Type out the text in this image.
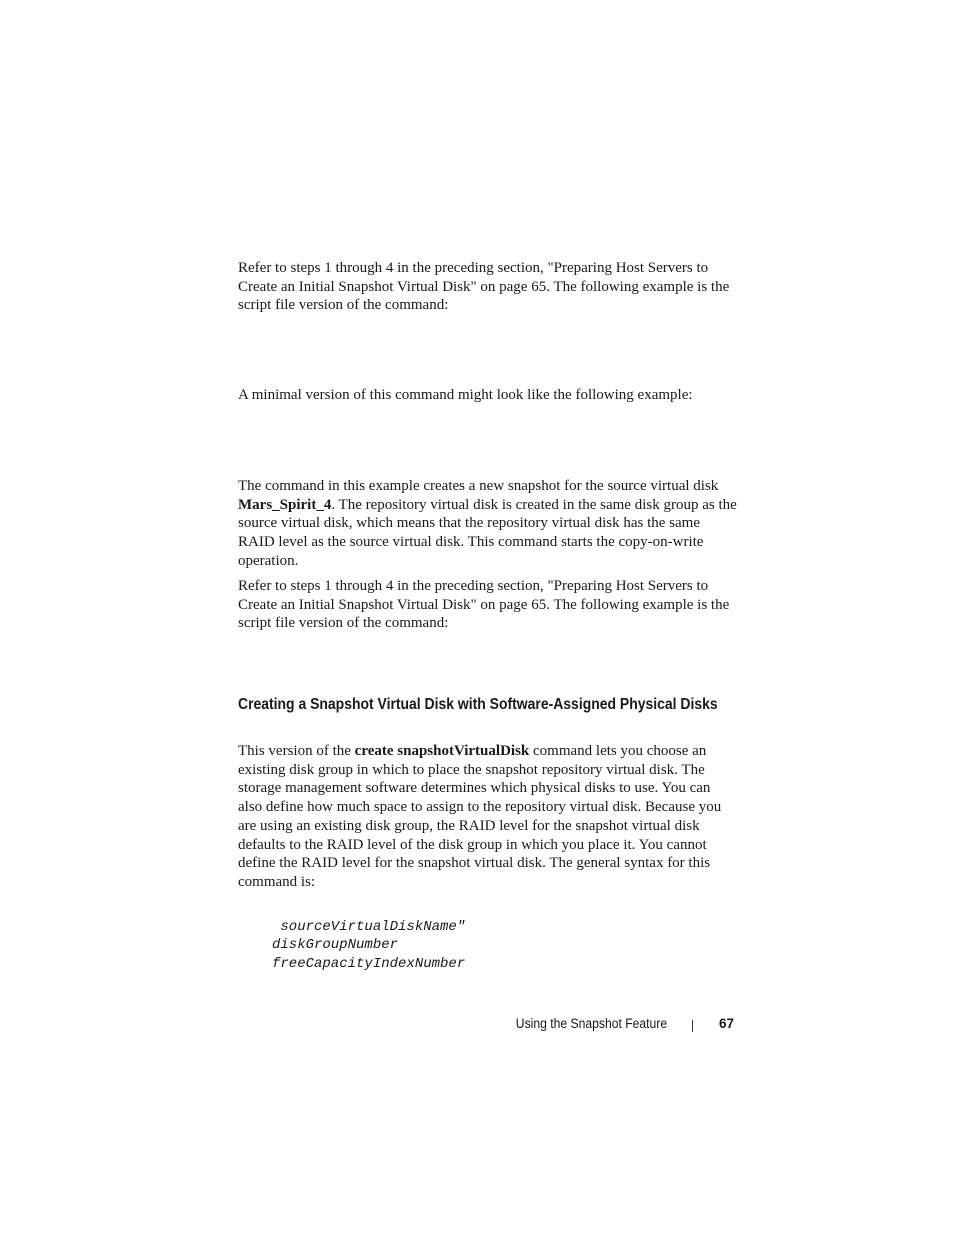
Refer to steps 1 through 4 in the preceding section, "Preparing Host Servers to Create an Initial Snapshot Virtual Disk" on page 65. The following example is the script file version of the command:

A minimal version of this command might look like the following example:

The command in this example creates a new snapshot for the source virtual disk Mars_Spirit_4. The repository virtual disk is created in the same disk group as the source virtual disk, which means that the repository virtual disk has the same RAID level as the source virtual disk. This command starts the copy-on-write operation.

Refer to steps 1 through 4 in the preceding section, "Preparing Host Servers to Create an Initial Snapshot Virtual Disk" on page 65. The following example is the script file version of the command:

Creating a Snapshot Virtual Disk with Software-Assigned Physical Disks

This version of the create snapshotVirtualDisk command lets you choose an existing disk group in which to place the snapshot repository virtual disk. The storage management software determines which physical disks to use. You can also define how much space to assign to the repository virtual disk. Because you are using an existing disk group, the RAID level for the snapshot virtual disk defaults to the RAID level of the disk group in which you place it. You cannot define the RAID level for the snapshot virtual disk. The general syntax for this command is:

sourceVirtualDiskName"
diskGroupNumber
freeCapacityIndexNumber
Using the Snapshot Feature	67
